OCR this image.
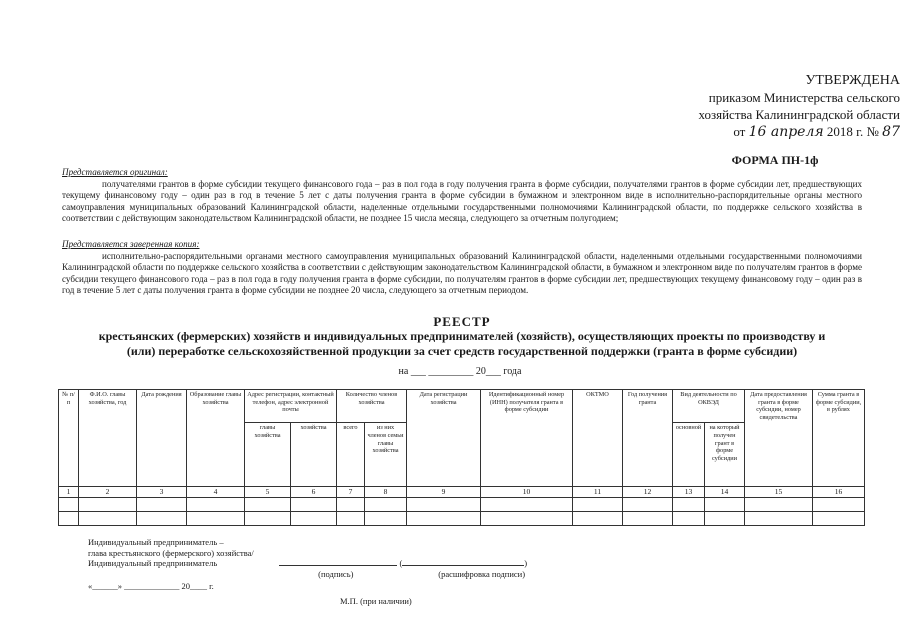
УТВЕРЖДЕНА
приказом Министерства сельского
хозяйства Калининградской области
от 16 апреля 2018 г. № 87
ФОРМА ПН-1ф
Представляется оригинал:

получателями грантов в форме субсидии текущего финансового года – раз в пол года в году получения гранта в форме субсидии, получателями грантов в форме субсидии лет, предшествующих текущему финансовому году – один раз в год в течение 5 лет с даты получения гранта в форме субсидии в бумажном и электронном виде в исполнительно-распорядительные органы местного самоуправления муниципальных образований Калининградской области, наделенные отдельными государственными полномочиями Калининградской области, по поддержке сельского хозяйства в соответствии с действующим законодательством Калининградской области, не позднее 15 числа месяца, следующего за отчетным полугодием;

Представляется заверенная копия:

исполнительно-распорядительными органами местного самоуправления муниципальных образований Калининградской области, наделенными отдельными государственными полномочиями Калининградской области по поддержке сельского хозяйства в соответствии с действующим законодательством Калининградской области, в бумажном и электронном виде по получателям грантов в форме субсидии текущего финансового года – раз в пол года в году получения гранта в форме субсидии, по получателям грантов в форме субсидии лет, предшествующих текущему финансовому году – один раз в год в течение 5 лет с даты получения гранта в форме субсидии не позднее 20 числа, следующего за отчетным периодом.

РЕЕСТР
крестьянских (фермерских) хозяйств и индивидуальных предпринимателей (хозяйств), осуществляющих проекты по производству и
(или) переработке сельскохозяйственной продукции за счет средств государственной поддержки (гранта в форме субсидии)
на ___ _________ 20___ года
№ п/п	Ф.И.О. главы хозяйства, год	Дата рождения	Образование главы хозяйства	Адрес регистрации, контактный телефон, адрес электронной почты		Количество членов хозяйства		Дата регистрации хозяйства	Идентификационный номер (ИНН) получателя гранта в форме субсидии	ОКТМО	Год получения гранта	Вид деятельности по ОКВЭД		Дата предоставления гранта в форме субсидии, номер свидетельства	Сумма гранта в форме субсидии, в рублях
				главы хозяйства	хозяйства	всего	из них членов семьи главы хозяйства					основной	на который получен грант в форме субсидии		
1	2	3	4	5	6	7	8	9	10	11	12	13	14	15	16

Индивидуальный предприниматель –
глава крестьянского (фермерского) хозяйства/
Индивидуальный предприниматель	(	)
(подпись)	(расшифровка подписи)
«______» _____________ 20____ г.
М.П. (при наличии)
